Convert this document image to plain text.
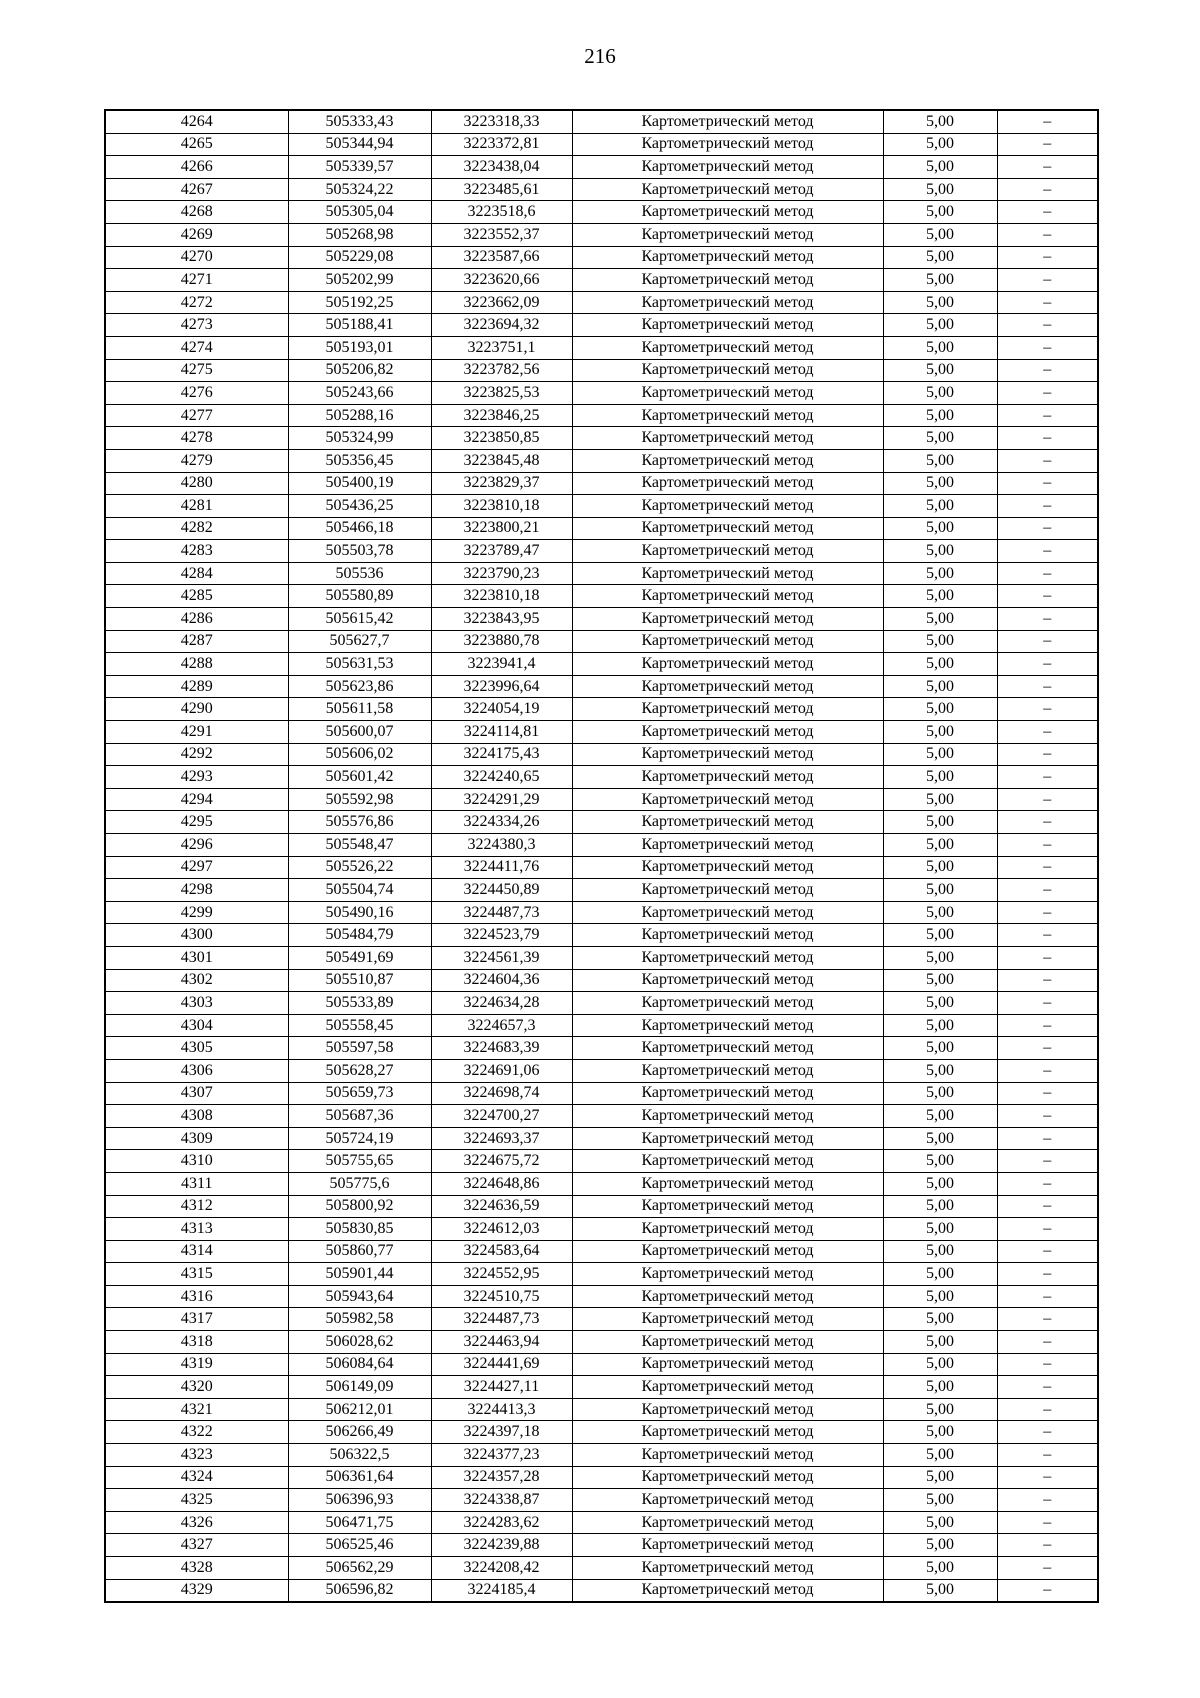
216
4264	505333,43	3223318,33	Картометрический метод	5,00	–
4265	505344,94	3223372,81	Картометрический метод	5,00	–
4266	505339,57	3223438,04	Картометрический метод	5,00	–
4267	505324,22	3223485,61	Картометрический метод	5,00	–
4268	505305,04	3223518,6	Картометрический метод	5,00	–
4269	505268,98	3223552,37	Картометрический метод	5,00	–
4270	505229,08	3223587,66	Картометрический метод	5,00	–
4271	505202,99	3223620,66	Картометрический метод	5,00	–
4272	505192,25	3223662,09	Картометрический метод	5,00	–
4273	505188,41	3223694,32	Картометрический метод	5,00	–
4274	505193,01	3223751,1	Картометрический метод	5,00	–
4275	505206,82	3223782,56	Картометрический метод	5,00	–
4276	505243,66	3223825,53	Картометрический метод	5,00	–
4277	505288,16	3223846,25	Картометрический метод	5,00	–
4278	505324,99	3223850,85	Картометрический метод	5,00	–
4279	505356,45	3223845,48	Картометрический метод	5,00	–
4280	505400,19	3223829,37	Картометрический метод	5,00	–
4281	505436,25	3223810,18	Картометрический метод	5,00	–
4282	505466,18	3223800,21	Картометрический метод	5,00	–
4283	505503,78	3223789,47	Картометрический метод	5,00	–
4284	505536	3223790,23	Картометрический метод	5,00	–
4285	505580,89	3223810,18	Картометрический метод	5,00	–
4286	505615,42	3223843,95	Картометрический метод	5,00	–
4287	505627,7	3223880,78	Картометрический метод	5,00	–
4288	505631,53	3223941,4	Картометрический метод	5,00	–
4289	505623,86	3223996,64	Картометрический метод	5,00	–
4290	505611,58	3224054,19	Картометрический метод	5,00	–
4291	505600,07	3224114,81	Картометрический метод	5,00	–
4292	505606,02	3224175,43	Картометрический метод	5,00	–
4293	505601,42	3224240,65	Картометрический метод	5,00	–
4294	505592,98	3224291,29	Картометрический метод	5,00	–
4295	505576,86	3224334,26	Картометрический метод	5,00	–
4296	505548,47	3224380,3	Картометрический метод	5,00	–
4297	505526,22	3224411,76	Картометрический метод	5,00	–
4298	505504,74	3224450,89	Картометрический метод	5,00	–
4299	505490,16	3224487,73	Картометрический метод	5,00	–
4300	505484,79	3224523,79	Картометрический метод	5,00	–
4301	505491,69	3224561,39	Картометрический метод	5,00	–
4302	505510,87	3224604,36	Картометрический метод	5,00	–
4303	505533,89	3224634,28	Картометрический метод	5,00	–
4304	505558,45	3224657,3	Картометрический метод	5,00	–
4305	505597,58	3224683,39	Картометрический метод	5,00	–
4306	505628,27	3224691,06	Картометрический метод	5,00	–
4307	505659,73	3224698,74	Картометрический метод	5,00	–
4308	505687,36	3224700,27	Картометрический метод	5,00	–
4309	505724,19	3224693,37	Картометрический метод	5,00	–
4310	505755,65	3224675,72	Картометрический метод	5,00	–
4311	505775,6	3224648,86	Картометрический метод	5,00	–
4312	505800,92	3224636,59	Картометрический метод	5,00	–
4313	505830,85	3224612,03	Картометрический метод	5,00	–
4314	505860,77	3224583,64	Картометрический метод	5,00	–
4315	505901,44	3224552,95	Картометрический метод	5,00	–
4316	505943,64	3224510,75	Картометрический метод	5,00	–
4317	505982,58	3224487,73	Картометрический метод	5,00	–
4318	506028,62	3224463,94	Картометрический метод	5,00	–
4319	506084,64	3224441,69	Картометрический метод	5,00	–
4320	506149,09	3224427,11	Картометрический метод	5,00	–
4321	506212,01	3224413,3	Картометрический метод	5,00	–
4322	506266,49	3224397,18	Картометрический метод	5,00	–
4323	506322,5	3224377,23	Картометрический метод	5,00	–
4324	506361,64	3224357,28	Картометрический метод	5,00	–
4325	506396,93	3224338,87	Картометрический метод	5,00	–
4326	506471,75	3224283,62	Картометрический метод	5,00	–
4327	506525,46	3224239,88	Картометрический метод	5,00	–
4328	506562,29	3224208,42	Картометрический метод	5,00	–
4329	506596,82	3224185,4	Картометрический метод	5,00	–
